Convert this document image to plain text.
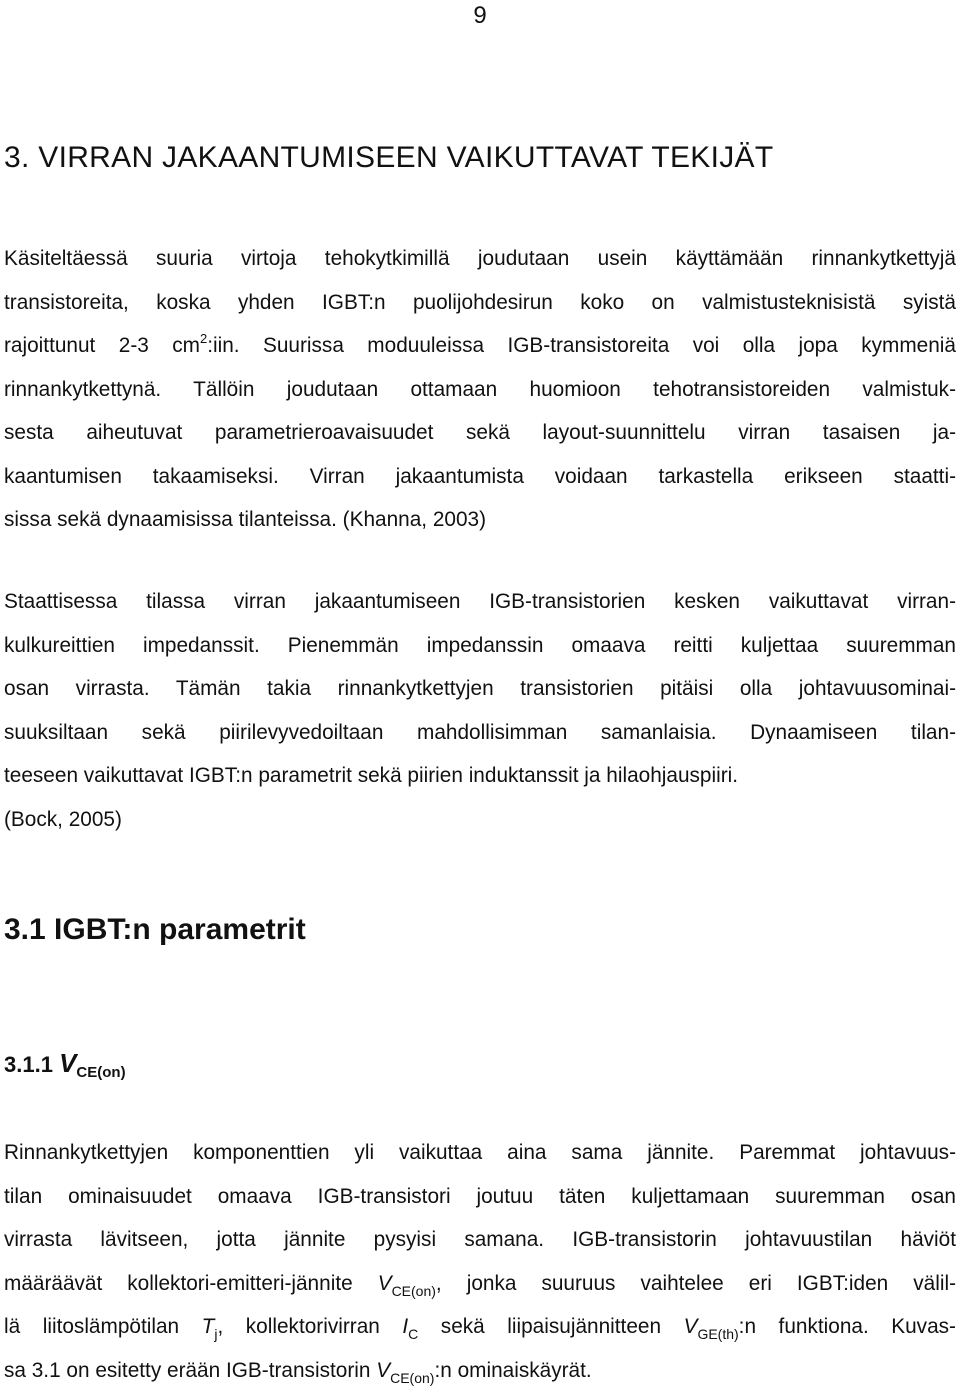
9
3. VIRRAN JAKAANTUMISEEN VAIKUTTAVAT TEKIJÄT

Käsiteltäessä suuria virtoja tehokytkimillä joudutaan usein käyttämään rinnankytkettyjä
transistoreita, koska yhden IGBT:n puolijohdesirun koko on valmistusteknisistä syistä
rajoittunut 2-3 $cm^2:iin$. Suurissa moduuleissa IGB-transistoreita voi olla jopa kymmeniä
rinnankytkettynä. Tällöin joudutaan ottamaan huomioon tehotransistoreiden valmistuk-
sesta aiheutuvat parametrieroavaisuudet sekä layout-suunnittelu virran tasaisen ja-
kaantumisen takaamiseksi. Virran jakaantumista voidaan tarkastella erikseen staatti-
sissa sekä dynaamisissa tilanteissa. (Khanna, 2003)

Staattisessa tilassa virran jakaantumiseen IGB-transistorien kesken vaikuttavat virran-
kulkureittien impedanssit. Pienemmän impedanssin omaava reitti kuljettaa suuremman
osan virrasta. Tämän takia rinnankytkettyjen transistorien pitäisi olla johtavuusominai-
suuksiltaan sekä piirilevyvedoiltaan mahdollisimman samanlaisia. Dynaamiseen tilan-
teeseen vaikuttavat IGBT:n parametrit sekä piirien induktanssit ja hilaohjauspiiri.
(Bock, 2005)

3.1 IGBT:n parametrit
3.1.1 $V_{CE(on)}$

Rinnankytkettyjen komponenttien yli vaikuttaa aina sama jännite. Paremmat johtavuus-
tilan ominaisuudet omaava IGB-transistori joutuu täten kuljettamaan suuremman osan
virrasta lävitseen, jotta jännite pysyisi samana. IGB-transistorin johtavuustilan häviöt
määräävät kollektori-emitteri-jännite $V_{CE(on)}$, jonka suuruus vaihtelee eri IGBT:iden välil-
lä liitoslämpötilan $T_j$, kollektorivirran $I_C$ sekä liipaisujännitteen $V_{GE(th)}:n$ funktiona. Kuvas-
sa 3.1 on esitetty erään IGB-transistorin $V_{CE(on)}:n$ ominaiskäyrät.
